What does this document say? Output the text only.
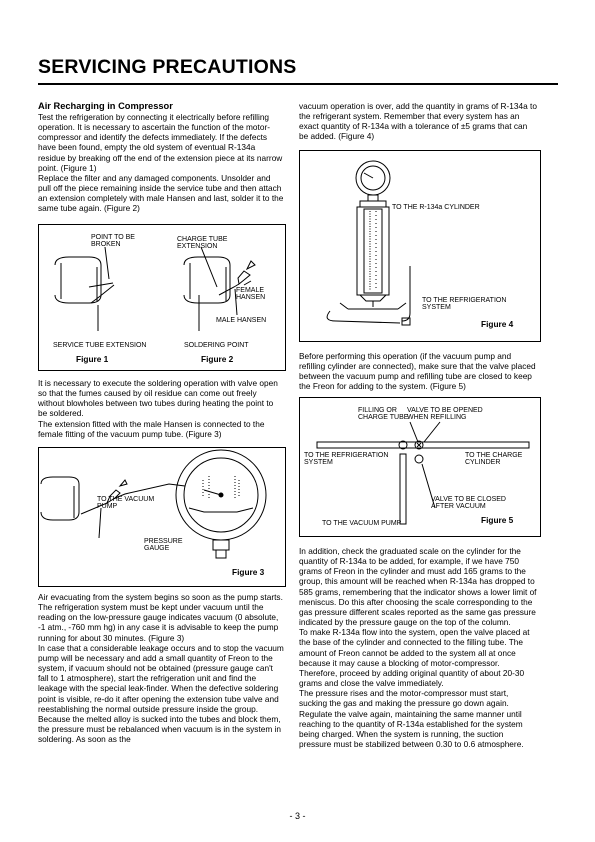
SERVICING PRECAUTIONS

Air Recharging in Compressor

Test the refrigeration by connecting it electrically before refilling operation. It is necessary to ascertain the function of the motor-compressor and identify the defects immediately. If the defects have been found, empty the old system of eventual R-134a residue by breaking off the end of the extension piece at its narrow point. (Figure 1)

Replace the filter and any damaged components. Unsolder and pull off the piece remaining inside the service tube and then attach an extension completely with male Hansen and last, solder it to the same tube again. (Figure 2)

POINT TO BE
BROKEN
CHARGE TUBE
EXTENSION
FEMALE
HANSEN
MALE HANSEN
SERVICE TUBE EXTENSION	SOLDERING POINT
Figure 1	Figure 2

It is necessary to execute the soldering operation with valve open so that the fumes caused by oil residue can come out freely without blowholes between two tubes during heating the point to be soldered.

The extension fitted with the male Hansen is connected to the female fitting of the vacuum pump tube. (Figure 3)

TO THE VACUUM
PUMP
PRESSURE
GAUGE
Figure 3

Air evacuating from the system begins so soon as the pump starts. The refrigeration system must be kept under vacuum until the reading on the low-pressure gauge indicates vacuum (0 absolute, -1 atm., -760 mm hg) in any case it is advisable to keep the pump running for about 30 minutes. (Figure 3)

In case that a considerable leakage occurs and to stop the vacuum pump will be necessary and add a small quantity of Freon to the system, if vacuum should not be obtained (pressure gauge can't fall to 1 atmosphere), start the refrigeration unit and find the leakage with the special leak-finder. When the defective soldering point is visible, re-do it after opening the extension tube valve and reestablishing the normal outside pressure inside the group.

Because the melted alloy is sucked into the tubes and block them, the pressure must be rebalanced when vacuum is in the system in soldering. As soon as the

vacuum operation is over, add the quantity in grams of R-134a to the refrigerant system. Remember that every system has an exact quantity of R-134a with a tolerance of ±5 grams that can be added. (Figure 4)

TO THE R-134a CYLINDER
TO THE REFRIGERATION
SYSTEM
Figure 4

Before performing this operation (if the vacuum pump and refilling cylinder are connected), make sure that the valve placed between the vacuum pump and refilling tube are closed to keep the Freon for adding to the system. (Figure 5)

FILLING OR
CHARGE TUBE
VALVE TO BE OPENED
WHEN REFILLING
TO THE REFRIGERATION
SYSTEM
TO THE CHARGE
CYLINDER
VALVE TO BE CLOSED
AFTER VACUUM
TO THE VACUUM PUMP	Figure 5

In addition, check the graduated scale on the cylinder for the quantity of R-134a to be added, for example, if we have 750 grams of Freon in the cylinder and must add 165 grams to the group, this amount will be reached when R-134a has dropped to 585 grams, remembering that the indicator shows a lower limit of meniscus. Do this after choosing the scale corresponding to the gas pressure different scales reported as the same gas pressure indicated by the pressure gauge on the top of the column.

To make R-134a flow into the system, open the valve placed at the base of the cylinder and connected to the filling tube. The amount of Freon cannot be added to the system all at once because it may cause a blocking of motor-compressor. Therefore, proceed by adding original quantity of about 20-30 grams and close the valve immediately.

The pressure rises and the motor-compressor must start, sucking the gas and making the pressure go down again. Regulate the valve again, maintaining the same manner until reaching to the quantity of R-134a established for the system being charged. When the system is running, the suction pressure must be stabilized between 0.30 to 0.6 atmosphere.

- 3 -
